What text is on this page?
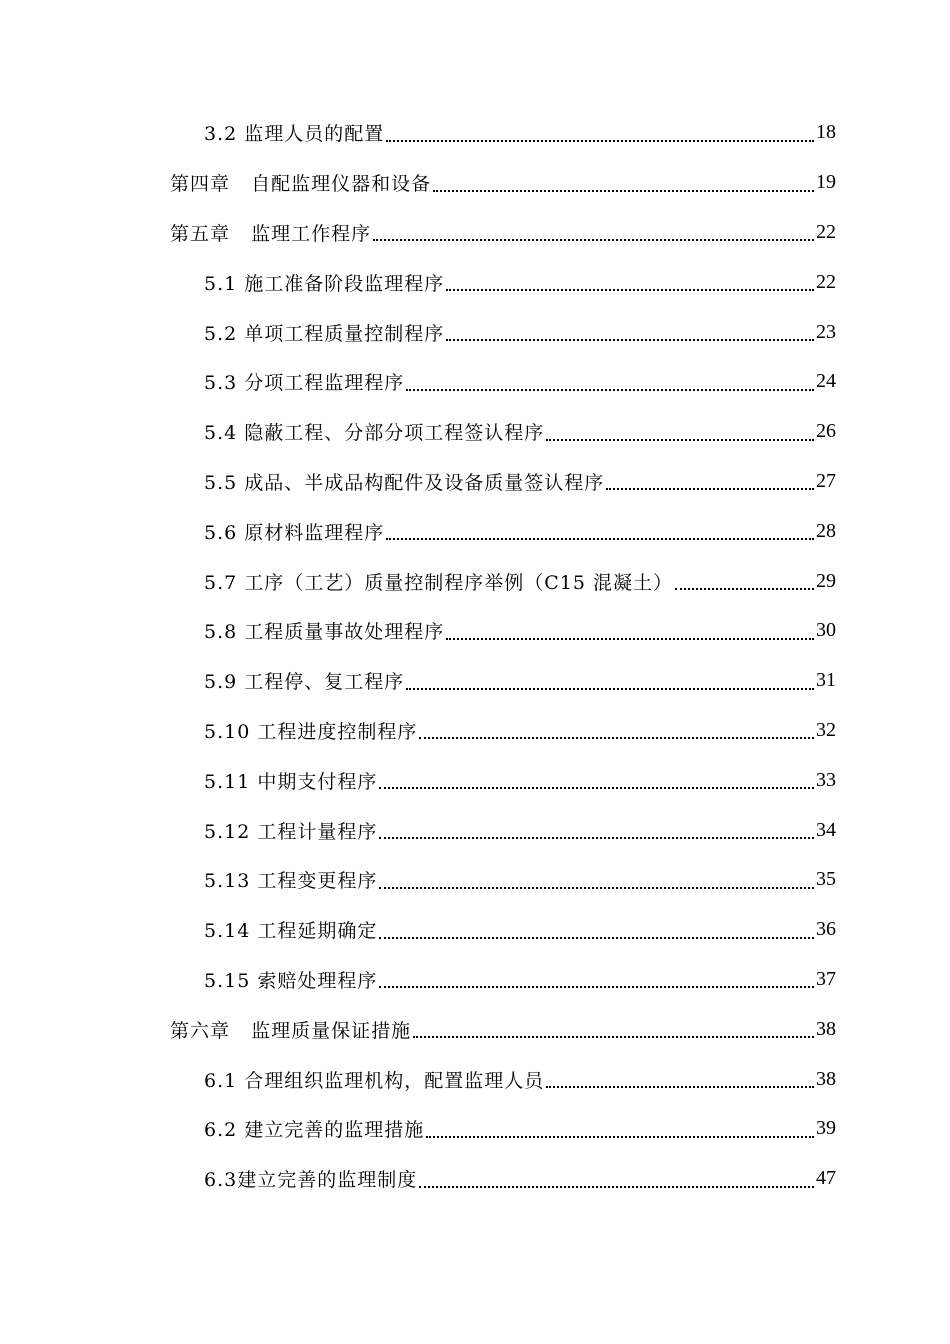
3.2 监理人员的配置	18
第四章   自配监理仪器和设备	19
第五章   监理工作程序	22
5.1 施工准备阶段监理程序	22
5.2 单项工程质量控制程序	23
5.3 分项工程监理程序	24
5.4 隐蔽工程、分部分项工程签认程序	26
5.5 成品、半成品构配件及设备质量签认程序	27
5.6 原材料监理程序	28
5.7 工序（工艺）质量控制程序举例（C15 混凝土）	29
5.8 工程质量事故处理程序	30
5.9 工程停、复工程序	31
5.10 工程进度控制程序	32
5.11 中期支付程序	33
5.12 工程计量程序	34
5.13 工程变更程序	35
5.14 工程延期确定	36
5.15 索赔处理程序	37
第六章   监理质量保证措施	38
6.1 合理组织监理机构，配置监理人员	38
6.2 建立完善的监理措施	39
6.3建立完善的监理制度	47
